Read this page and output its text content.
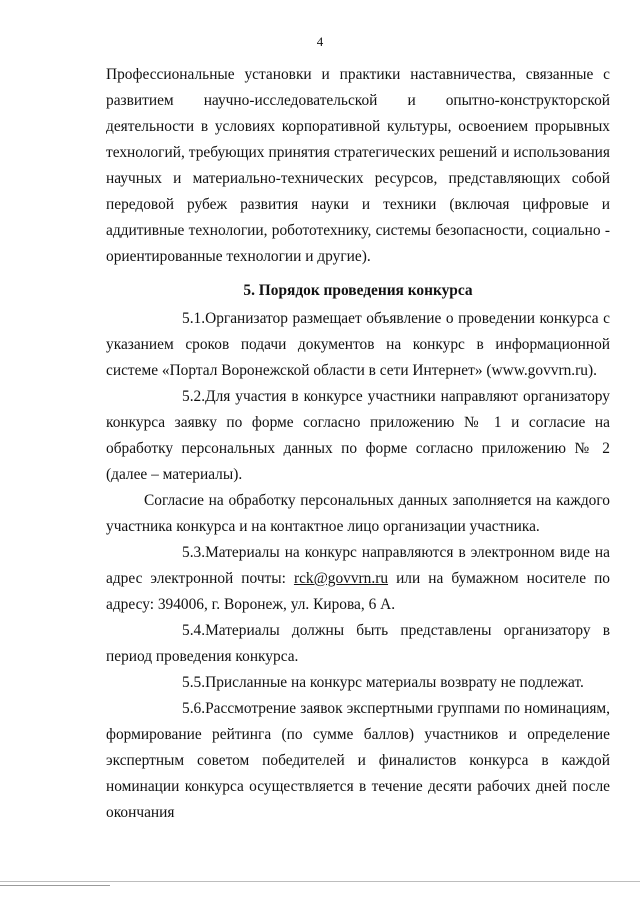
4

Профессиональные установки и практики наставничества, связанные с развитием научно-исследовательской и опытно-конструкторской деятельности в условиях корпоративной культуры, освоением прорывных технологий, требующих принятия стратегических решений и использования научных и материально-технических ресурсов, представляющих собой передовой рубеж развития науки и техники (включая цифровые и аддитивные технологии, робототехнику, системы безопасности, социально - ориентированные технологии и другие).

5. Порядок проведения конкурса

5.1.Организатор размещает объявление о проведении конкурса с указанием сроков подачи документов на конкурс в информационной системе «Портал Воронежской области в сети Интернет» (www.govvrn.ru).

5.2.Для участия в конкурсе участники направляют организатору конкурса заявку по форме согласно приложению № 1 и согласие на обработку персональных данных по форме согласно приложению № 2 (далее – материалы).

Согласие на обработку персональных данных заполняется на каждого участника конкурса и на контактное лицо организации участника.

5.3.Материалы на конкурс направляются в электронном виде на адрес электронной почты: rck@govvrn.ru или на бумажном носителе по адресу: 394006, г. Воронеж, ул. Кирова, 6 А.

5.4.Материалы должны быть представлены организатору в период проведения конкурса.

5.5.Присланные на конкурс материалы возврату не подлежат.

5.6.Рассмотрение заявок экспертными группами по номинациям, формирование рейтинга (по сумме баллов) участников и определение экспертным советом победителей и финалистов конкурса в каждой номинации конкурса осуществляется в течение десяти рабочих дней после окончания
